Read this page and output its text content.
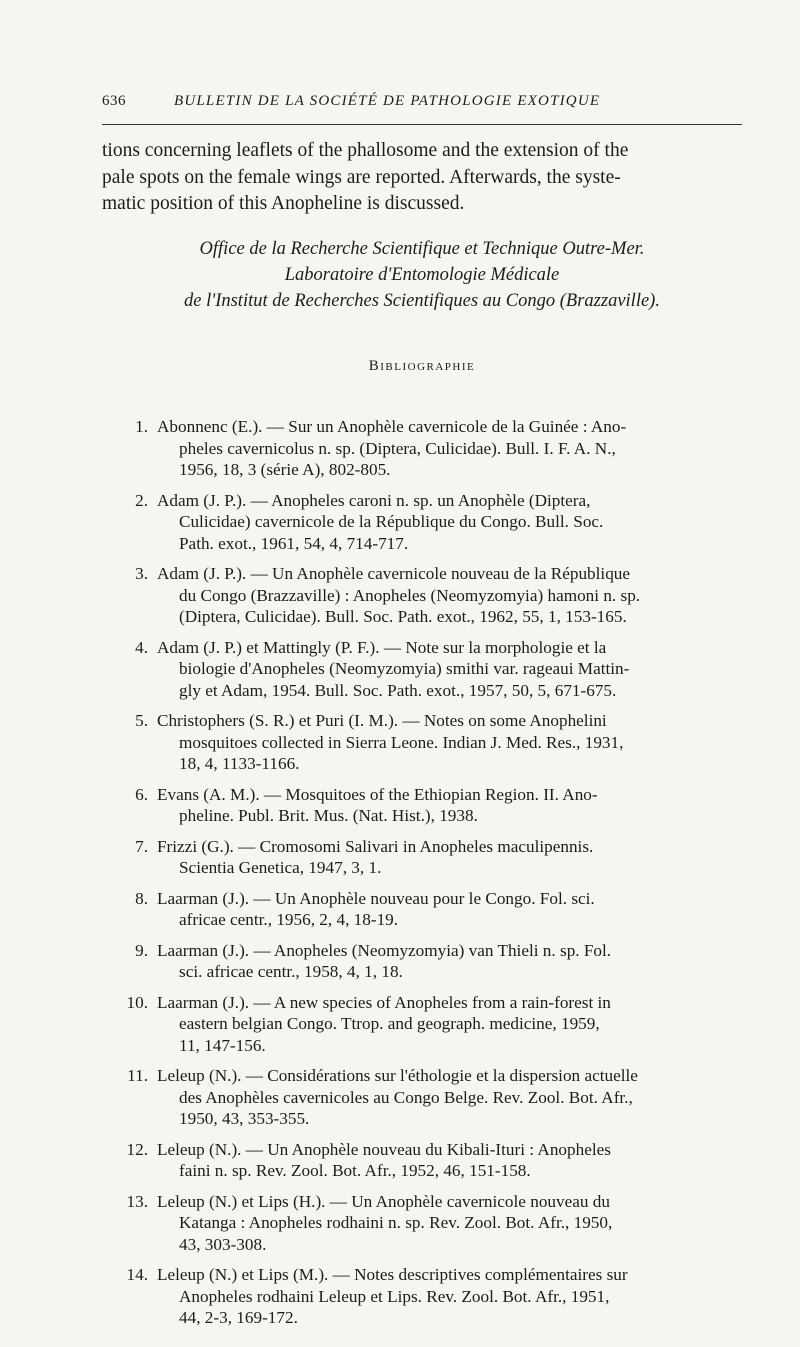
636	BULLETIN DE LA SOCIÉTÉ DE PATHOLOGIE EXOTIQUE
tions concerning leaflets of the phallosome and the extension of the
pale spots on the female wings are reported. Afterwards, the syste-
matic position of this Anopheline is discussed.
Office de la Recherche Scientifique et Technique Outre-Mer.
Laboratoire d'Entomologie Médicale
de l'Institut de Recherches Scientifiques au Congo (Brazzaville).
Bibliographie
1. Abonnenc (E.). — Sur un Anophèle cavernicole de la Guinée : Ano-
pheles cavernicolus n. sp. (Diptera, Culicidae). Bull. I. F. A. N.,
1956, 18, 3 (série A), 802-805.
2. Adam (J. P.). — Anopheles caroni n. sp. un Anophèle (Diptera,
Culicidae) cavernicole de la République du Congo. Bull. Soc.
Path. exot., 1961, 54, 4, 714-717.
3. Adam (J. P.). — Un Anophèle cavernicole nouveau de la République
du Congo (Brazzaville) : Anopheles (Neomyzomyia) hamoni n. sp.
(Diptera, Culicidae). Bull. Soc. Path. exot., 1962, 55, 1, 153-165.
4. Adam (J. P.) et Mattingly (P. F.). — Note sur la morphologie et la
biologie d'Anopheles (Neomyzomyia) smithi var. rageaui Mattin-
gly et Adam, 1954. Bull. Soc. Path. exot., 1957, 50, 5, 671-675.
5. Christophers (S. R.) et Puri (I. M.). — Notes on some Anophelini
mosquitoes collected in Sierra Leone. Indian J. Med. Res., 1931,
18, 4, 1133-1166.
6. Evans (A. M.). — Mosquitoes of the Ethiopian Region. II. Ano-
pheline. Publ. Brit. Mus. (Nat. Hist.), 1938.
7. Frizzi (G.). — Cromosomi Salivari in Anopheles maculipennis.
Scientia Genetica, 1947, 3, 1.
8. Laarman (J.). — Un Anophèle nouveau pour le Congo. Fol. sci.
africae centr., 1956, 2, 4, 18-19.
9. Laarman (J.). — Anopheles (Neomyzomyia) van Thieli n. sp. Fol.
sci. africae centr., 1958, 4, 1, 18.
10. Laarman (J.). — A new species of Anopheles from a rain-forest in
eastern belgian Congo. Ttrop. and geograph. medicine, 1959,
11, 147-156.
11. Leleup (N.). — Considérations sur l'éthologie et la dispersion actuelle
des Anophèles cavernicoles au Congo Belge. Rev. Zool. Bot. Afr.,
1950, 43, 353-355.
12. Leleup (N.). — Un Anophèle nouveau du Kibali-Ituri : Anopheles
faini n. sp. Rev. Zool. Bot. Afr., 1952, 46, 151-158.
13. Leleup (N.) et Lips (H.). — Un Anophèle cavernicole nouveau du
Katanga : Anopheles rodhaini n. sp. Rev. Zool. Bot. Afr., 1950,
43, 303-308.
14. Leleup (N.) et Lips (M.). — Notes descriptives complémentaires sur
Anopheles rodhaini Leleup et Lips. Rev. Zool. Bot. Afr., 1951,
44, 2-3, 169-172.
